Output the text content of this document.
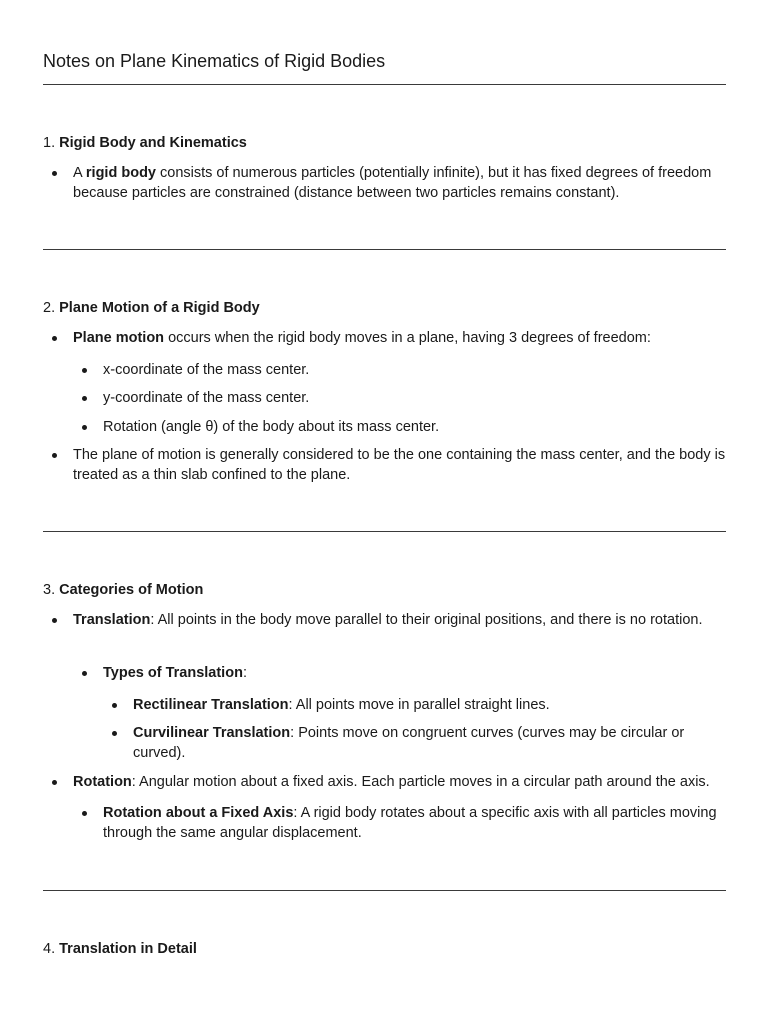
Notes on Plane Kinematics of Rigid Bodies
1. Rigid Body and Kinematics
A rigid body consists of numerous particles (potentially infinite), but it has fixed degrees of freedom because particles are constrained (distance between two particles remains constant).
2. Plane Motion of a Rigid Body
Plane motion occurs when the rigid body moves in a plane, having 3 degrees of freedom:
x-coordinate of the mass center.
y-coordinate of the mass center.
Rotation (angle θ) of the body about its mass center.
The plane of motion is generally considered to be the one containing the mass center, and the body is treated as a thin slab confined to the plane.
3. Categories of Motion
Translation: All points in the body move parallel to their original positions, and there is no rotation.
Types of Translation:
Rectilinear Translation: All points move in parallel straight lines.
Curvilinear Translation: Points move on congruent curves (curves may be circular or curved).
Rotation: Angular motion about a fixed axis. Each particle moves in a circular path around the axis.
Rotation about a Fixed Axis: A rigid body rotates about a specific axis with all particles moving through the same angular displacement.
4. Translation in Detail
